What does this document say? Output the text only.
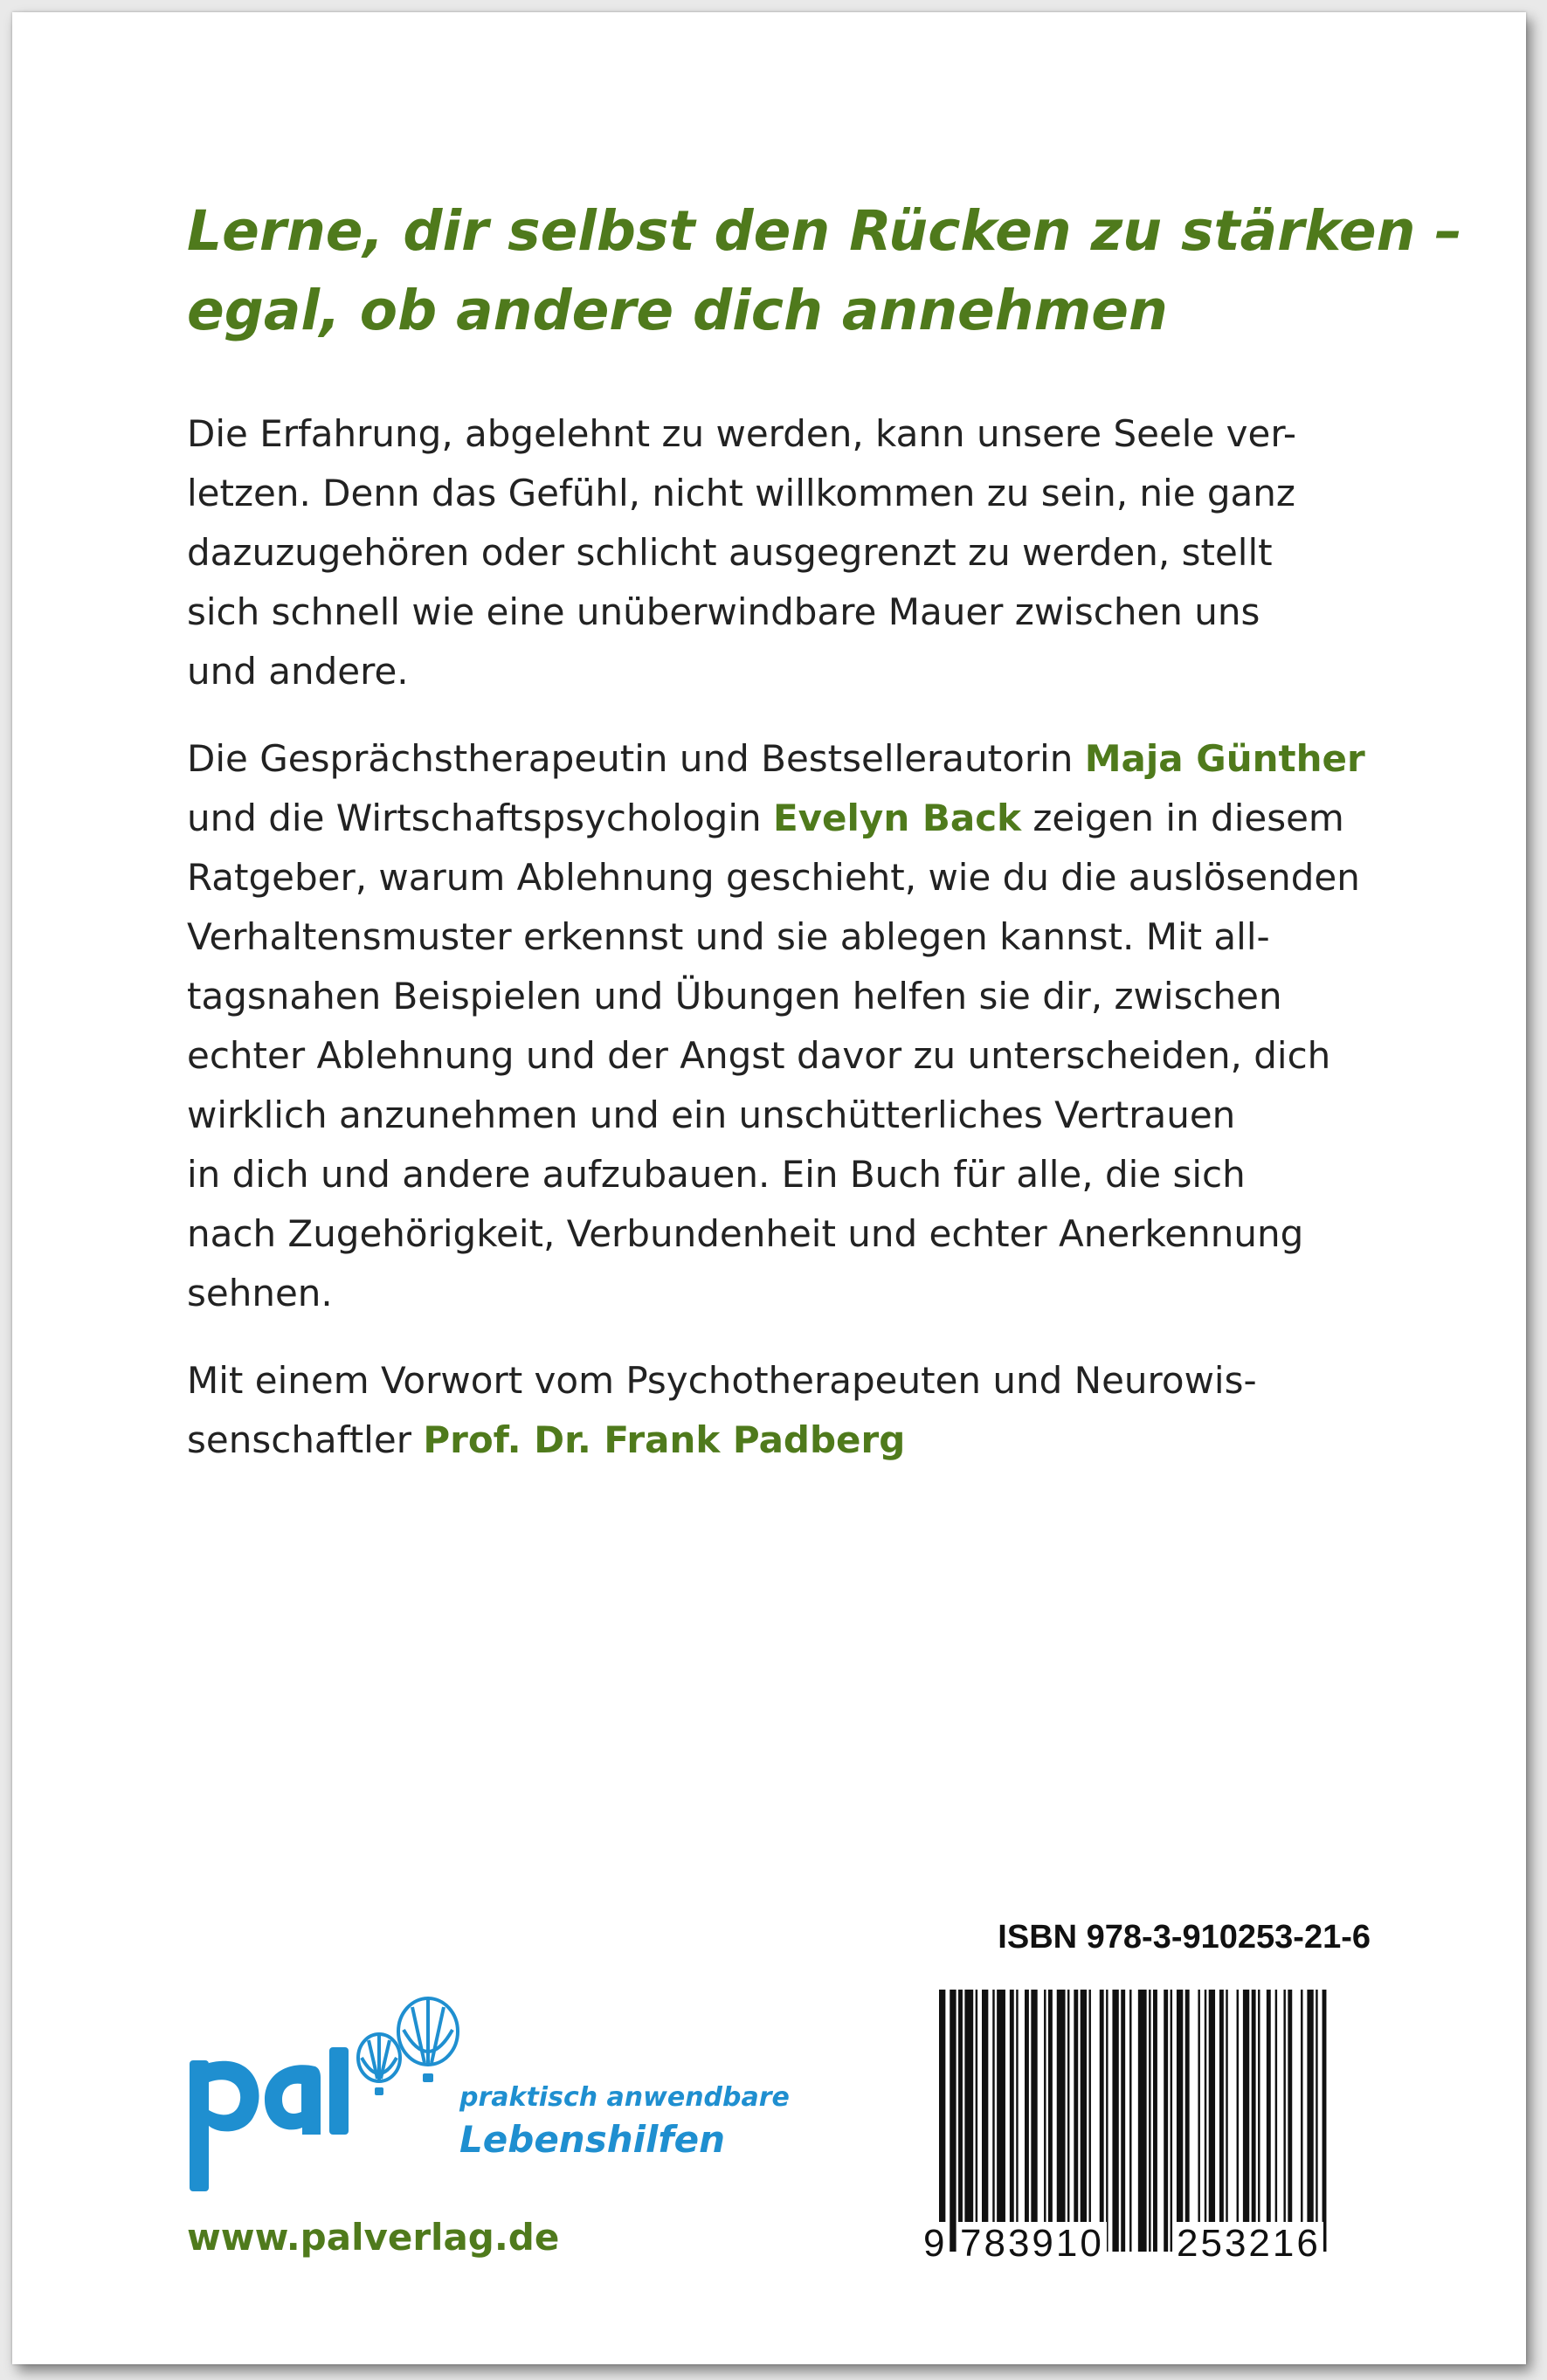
Lerne, dir selbst den Rücken zu stärken –
egal, ob andere dich annehmen
Die Erfahrung, abgelehnt zu werden, kann unsere Seele ver-
letzen. Denn das Gefühl, nicht willkommen zu sein, nie ganz
dazuzugehören oder schlicht ausgegrenzt zu werden, stellt
sich schnell wie eine unüberwindbare Mauer zwischen uns
und andere.
Die Gesprächstherapeutin und Bestsellerautorin Maja Günther
und die Wirtschaftspsychologin Evelyn Back zeigen in diesem
Ratgeber, warum Ablehnung geschieht, wie du die auslösenden
Verhaltensmuster erkennst und sie ablegen kannst. Mit all-
tagsnahen Beispielen und Übungen helfen sie dir, zwischen
echter Ablehnung und der Angst davor zu unterscheiden, dich
wirklich anzunehmen und ein unschütterliches Vertrauen
in dich und andere aufzubauen. Ein Buch für alle, die sich
nach Zugehörigkeit, Verbundenheit und echter Anerkennung
sehnen.
Mit einem Vorwort vom Psychotherapeuten und Neurowis-
senschaftler Prof. Dr. Frank Padberg
ISBN 978-3-910253-21-6
9 783910 253216
praktisch anwendbare
Lebenshilfen
www.palverlag.de
